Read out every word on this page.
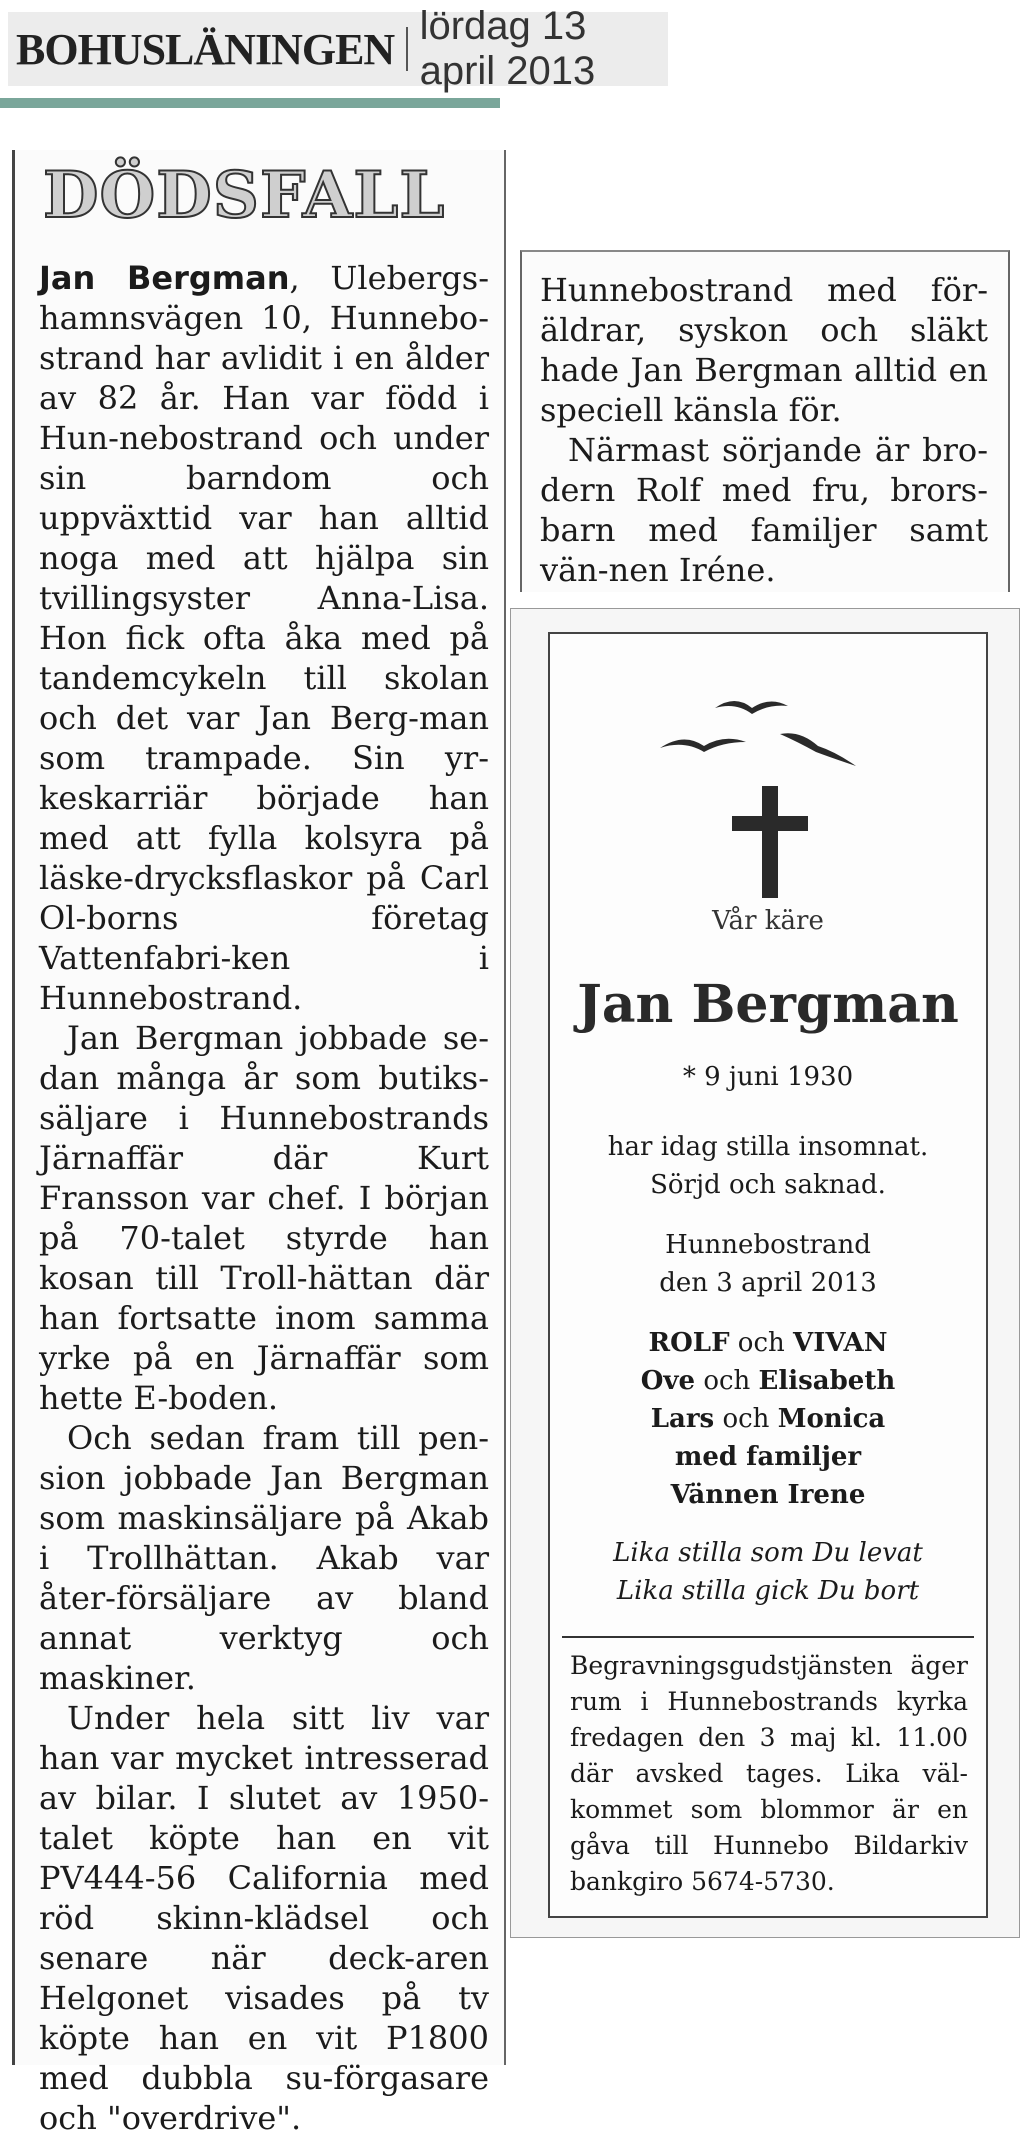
BOHUSLÄNINGEN lördag 13 april 2013
DÖDSFALL

Jan Bergman, Ulebergs-hamnsvägen 10, Hunnebo-strand har avlidit i en ålder av 82 år. Han var född i Hun-nebostrand och under sin barndom och uppväxttid var han alltid noga med att hjälpa sin tvillingsyster Anna-Lisa. Hon fick ofta åka med på tandemcykeln till skolan och det var Jan Berg-man som trampade. Sin yr-keskarriär började han med att fylla kolsyra på läske-drycksflaskor på Carl Ol-borns företag Vattenfabri-ken i Hunnebostrand.

Jan Bergman jobbade se-dan många år som butiks-säljare i Hunnebostrands Järnaffär där Kurt Fransson var chef. I början på 70-talet styrde han kosan till Troll-hättan där han fortsatte inom samma yrke på en Järnaffär som hette E-boden.

Och sedan fram till pen-sion jobbade Jan Bergman som maskinsäljare på Akab i Trollhättan. Akab var åter-försäljare av bland annat verktyg och maskiner.

Under hela sitt liv var han var mycket intresserad av bilar. I slutet av 1950-talet köpte han en vit PV444-56 California med röd skinn-klädsel och senare när deck-aren Helgonet visades på tv köpte han en vit P1800 med dubbla su-förgasare och "overdrive".

Hunnebostrand med för-äldrar, syskon och släkt hade Jan Bergman alltid en speciell känsla för.

Närmast sörjande är bro-dern Rolf med fru, brors-barn med familjer samt vän-nen Iréne.

Vår käre
Jan Bergman
* 9 juni 1930
har idag stilla insomnat.
Sörjd och saknad.
Hunnebostrand
den 3 april 2013
ROLF och VIVAN
Ove och Elisabeth
Lars och Monica
med familjer
Vännen Irene
Lika stilla som Du levat
Lika stilla gick Du bort
Begravningsgudstjänsten äger rum i Hunnebostrands kyrka fredagen den 3 maj kl. 11.00 där avsked tages. Lika väl-kommet som blommor är en gåva till Hunnebo Bildarkiv bankgiro 5674-5730.
